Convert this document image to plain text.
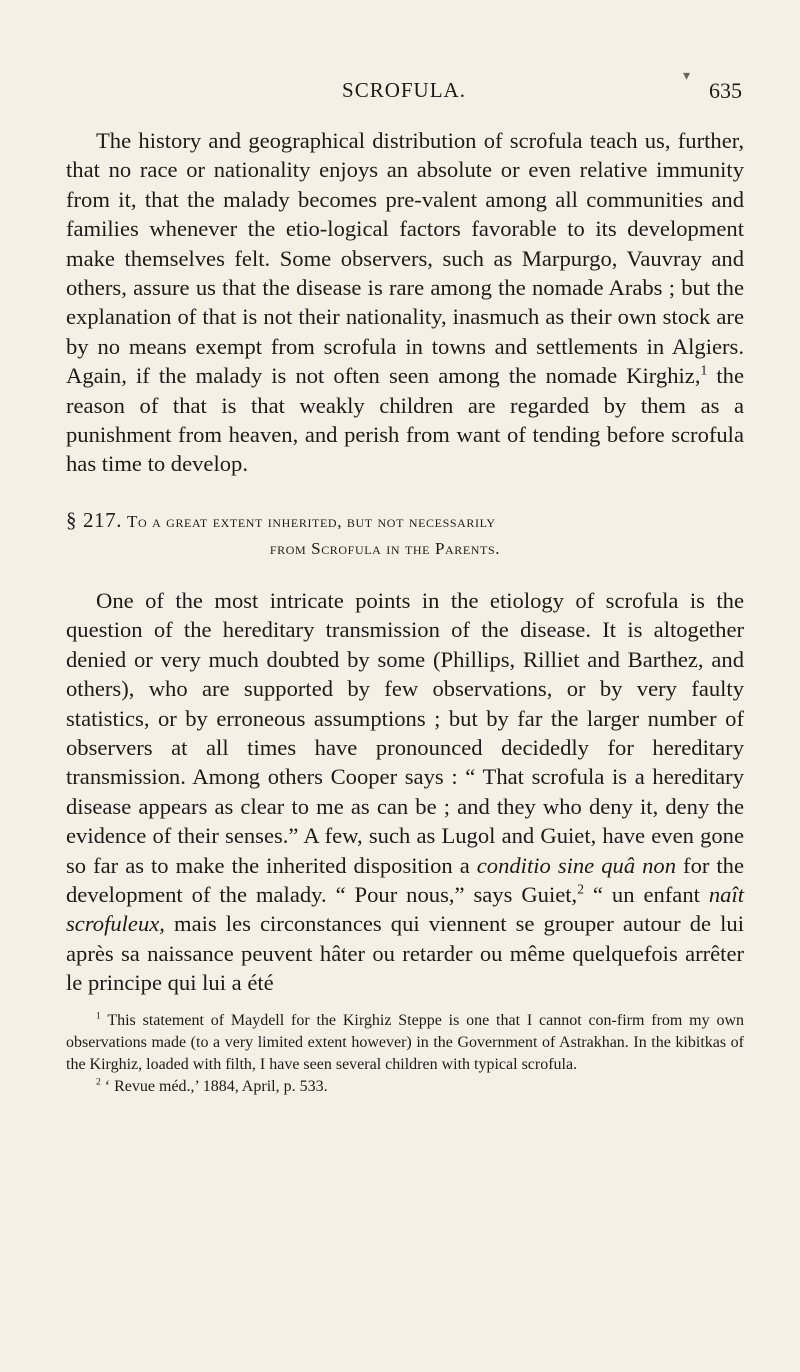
▾
SCROFULA.	635

The history and geographical distribution of scrofula teach us, further, that no race or nationality enjoys an absolute or even relative immunity from it, that the malady becomes pre-valent among all communities and families whenever the etio-logical factors favorable to its development make themselves felt. Some observers, such as Marpurgo, Vauvray and others, assure us that the disease is rare among the nomade Arabs ; but the explanation of that is not their nationality, inasmuch as their own stock are by no means exempt from scrofula in towns and settlements in Algiers. Again, if the malady is not often seen among the nomade Kirghiz,$^1$ the reason of that is that weakly children are regarded by them as a punishment from heaven, and perish from want of tending before scrofula has time to develop.

§ 217. To a great extent inherited, but not necessarily
from Scrofula in the Parents.

One of the most intricate points in the etiology of scrofula is the question of the hereditary transmission of the disease. It is altogether denied or very much doubted by some (Phillips, Rilliet and Barthez, and others), who are supported by few observations, or by very faulty statistics, or by erroneous assumptions ; but by far the larger number of observers at all times have pronounced decidedly for hereditary transmission. Among others Cooper says : “ That scrofula is a hereditary disease appears as clear to me as can be ; and they who deny it, deny the evidence of their senses.” A few, such as Lugol and Guiet, have even gone so far as to make the inherited disposition a conditio sine quâ non for the development of the malady. “ Pour nous,” says Guiet,$^2$ “ un enfant naît scrofuleux, mais les circonstances qui viennent se grouper autour de lui après sa naissance peuvent hâter ou retarder ou même quelquefois arrêter le principe qui lui a été

$^1$ This statement of Maydell for the Kirghiz Steppe is one that I cannot con-firm from my own observations made (to a very limited extent however) in the Government of Astrakhan. In the kibitkas of the Kirghiz, loaded with filth, I have seen several children with typical scrofula.

$^2$ ‘ Revue méd.,’ 1884, April, p. 533.
